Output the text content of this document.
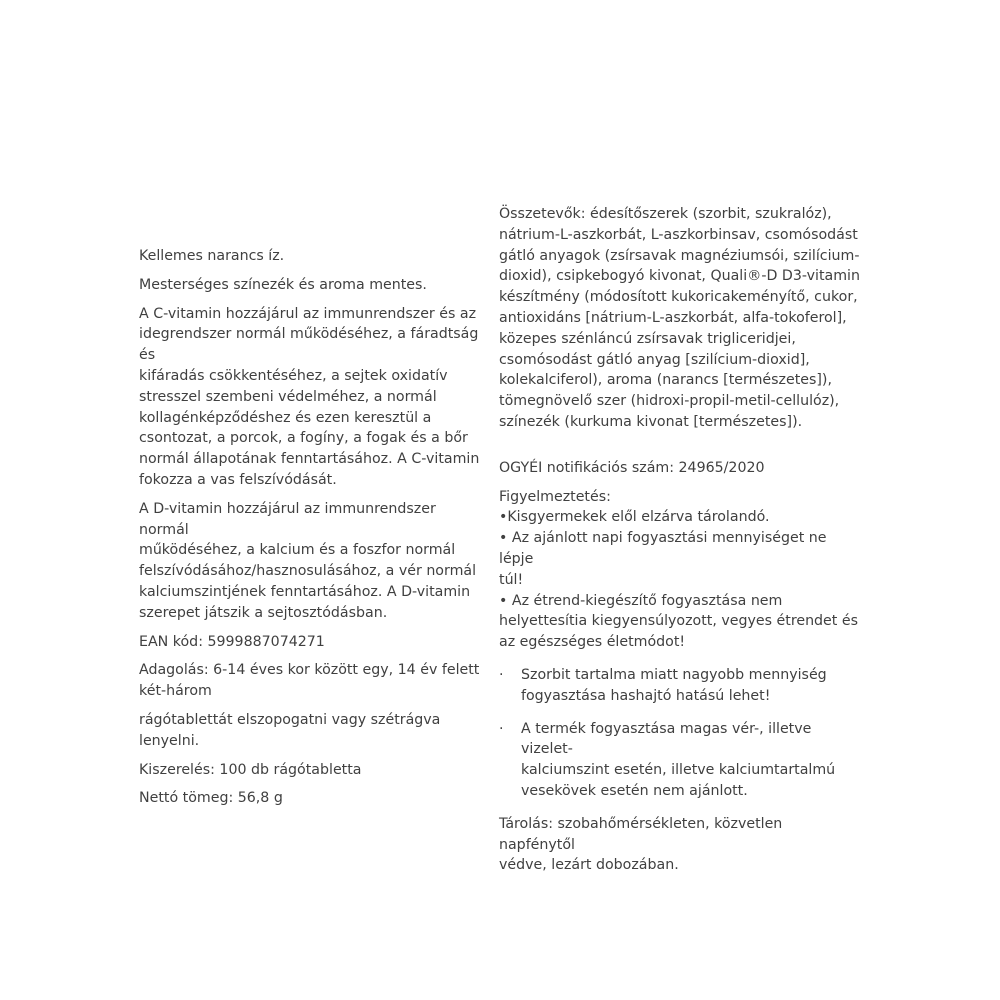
Kellemes narancs íz.

Mesterséges színezék és aroma mentes.

A C-vitamin hozzájárul az immunrendszer és az
idegrendszer normál működéséhez, a fáradtság és
kifáradás csökkentéséhez, a sejtek oxidatív
stresszel szembeni védelméhez, a normál
kollagénképződéshez és ezen keresztül a
csontozat, a porcok, a fogíny, a fogak és a bőr
normál állapotának fenntartásához. A C-vitamin
fokozza a vas felszívódását.

A D-vitamin hozzájárul az immunrendszer normál
működéséhez, a kalcium és a foszfor normál
felszívódásához/hasznosulásához, a vér normál
kalciumszintjének fenntartásához. A D-vitamin
szerepet játszik a sejtosztódásban.

EAN kód: 5999887074271

Adagolás: 6-14 éves kor között egy, 14 év felett
két-három

rágótablettát elszopogatni vagy szétrágva
lenyelni.

Kiszerelés: 100 db rágótabletta

Nettó tömeg: 56,8 g

Összetevők: édesítőszerek (szorbit, szukralóz),
nátrium-L-aszkorbát, L-aszkorbinsav, csomósodást
gátló anyagok (zsírsavak magnéziumsói, szilícium-
dioxid), csipkebogyó kivonat, Quali®-D D3-vitamin
készítmény (módosított kukoricakeményítő, cukor,
antioxidáns [nátrium-L-aszkorbát, alfa-tokoferol],
közepes szénláncú zsírsavak trigliceridjei,
csomósodást gátló anyag [szilícium-dioxid],
kolekalciferol), aroma (narancs [természetes]),
tömegnövelő szer (hidroxi-propil-metil-cellulóz),
színezék (kurkuma kivonat [természetes]).

OGYÉI notifikációs szám: 24965/2020

Figyelmeztetés:

•Kisgyermekek elől elzárva tárolandó.

• Az ajánlott napi fogyasztási mennyiséget ne lépje
túl!

• Az étrend-kiegészítő fogyasztása nem
helyettesítia kiegyensúlyozott, vegyes étrendet és
az egészséges életmódot!

·	Szorbit tartalma miatt nagyobb mennyiség
fogyasztása hashajtó hatású lehet!

·	A termék fogyasztása magas vér-, illetve vizelet-
kalciumszint esetén, illetve kalciumtartalmú
vesekövek esetén nem ajánlott.

Tárolás: szobahőmérsékleten, közvetlen napfénytől
védve, lezárt dobozában.
